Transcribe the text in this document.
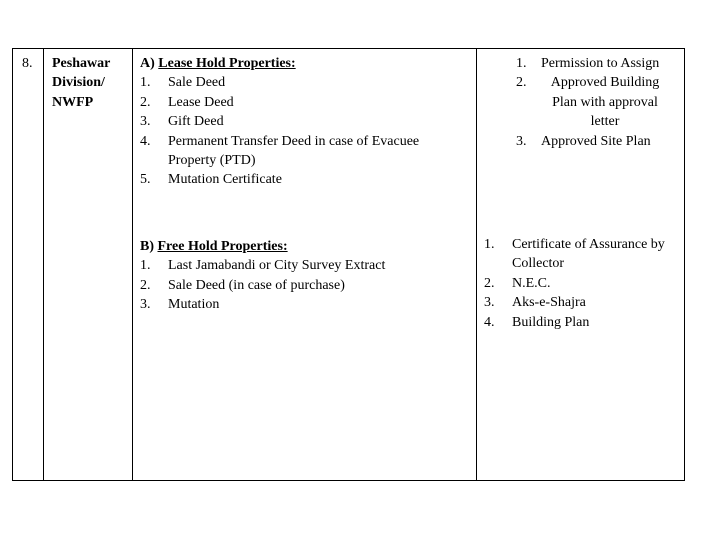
8. Peshawar
Division/
NWFP
A) Lease Hold Properties:
1. Sale Deed
2. Lease Deed
3. Gift Deed
4. Permanent Transfer Deed in case of Evacuee Property (PTD)
5. Mutation Certificate
B) Free Hold Properties:
1. Last Jamabandi or City Survey Extract
2. Sale Deed (in case of purchase)
3. Mutation
1. Permission to Assign
2. Approved Building Plan with approval letter
3. Approved Site Plan
1. Certificate of Assurance by Collector
2. N.E.C.
3. Aks-e-Shajra
4. Building Plan
